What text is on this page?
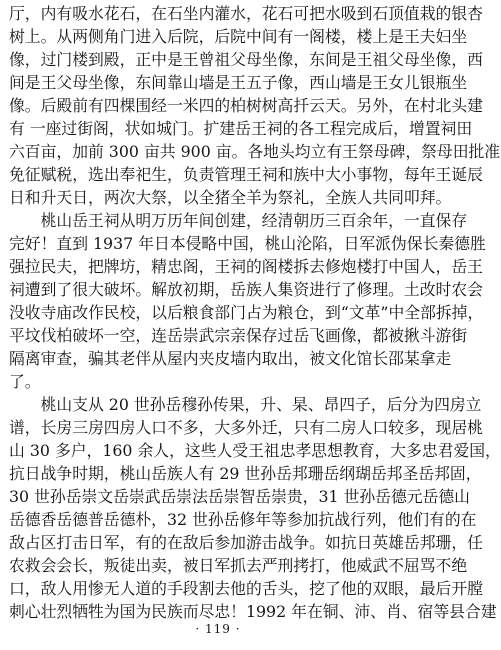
厅，内有吸水花石，在石坐内灌水，花石可把水吸到石顶值栽的银杏
树上。从两侧角门进入后院，后院中间有一阁楼，楼上是王夫妇坐
像，过门楼到殿，正中是王曾祖父母坐像，东间是王祖父母坐像，西
间是王父母坐像，东间靠山墙是王五子像，西山墙是王女儿银瓶坐
像。后殿前有四棵围经一米四的柏树树高扦云天。另外，在村北头建
有 一座过街阁，状如城门。扩建岳王祠的各工程完成后，增置祠田
六百亩，加前 300 亩共 900 亩。各地头均立有王祭母碑，祭母田批准
免征赋税，选出奉祀生，负责管理王祠和族中大小事物，每年王诞辰
日和升天日，两次大祭，以全猪全羊为祭礼，全族人共同叩拜。
　　桃山岳王祠从明万历年间创建，经清朝历三百余年，一直保存
完好！直到 1937 年日本侵略中国，桃山沦陷，日军派伪保长秦德胜
强拉民夫，把牌坊，精忠阁，王祠的阁楼拆去修炮楼打中国人，岳王
祠遭到了很大破坏。解放初期，岳族人集资进行了修理。土改时农会
没收寺庙改作民校，以后粮食部门占为粮仓，到“文革”中全部拆掉，
平坟伐柏破坏一空，连岳崇武宗亲保存过岳飞画像，都被揪斗游街
隔离审查，骗其老伴从屋内夹皮墙内取出，被文化馆长邵某拿走
了。
　　桃山支从 20 世孙岳穆孙传果，升、杲、昂四子，后分为四房立
谱，长房三房四房人口不多，大多外迁，只有二房人口较多，现居桃
山 30 多户，160 余人，这些人受王祖忠孝思想教育，大多忠君爱国，
抗日战争时期，桃山岳族人有 29 世孙岳邦珊岳纲瑚岳邦圣岳邦固，
30 世孙岳崇文岳崇武岳崇法岳崇智岳崇贵，31 世孙岳德元岳德山
岳德香岳德普岳德朴，32 世孙岳修年等参加抗战行列，他们有的在
敌占区打击日军，有的在敌后参加游击战争。如抗日英雄岳邦珊，任
农救会会长，叛徒出卖，被日军抓去严刑拷打，他威武不屈骂不绝
口，敌人用惨无人道的手段割去他的舌头，挖了他的双眼，最后开膛
刺心壮烈牺牲为国为民族而尽忠！1992 年在铜、沛、肖、宿等县合建
· 119 ·
